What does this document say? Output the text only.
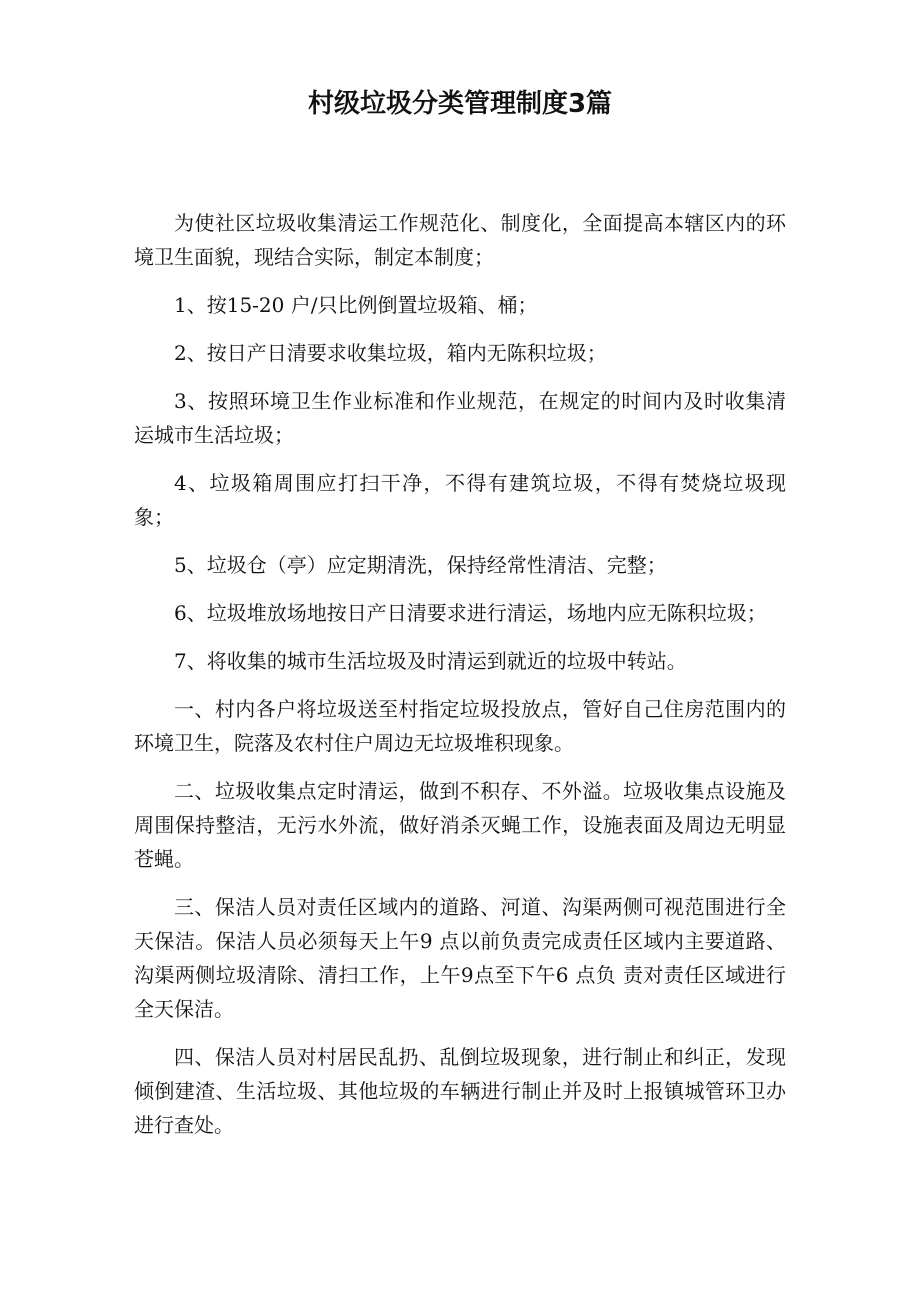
村级垃圾分类管理制度3篇

为使社区垃圾收集清运工作规范化、制度化，全面提高本辖区内的环境卫生面貌，现结合实际，制定本制度；

1、按15-20 户/只比例倒置垃圾箱、桶；

2、按日产日清要求收集垃圾，箱内无陈积垃圾；

3、按照环境卫生作业标准和作业规范，在规定的时间内及时收集清运城市生活垃圾；

4、垃圾箱周围应打扫干净，不得有建筑垃圾，不得有焚烧垃圾现象；

5、垃圾仓（亭）应定期清洗，保持经常性清洁、完整；

6、垃圾堆放场地按日产日清要求进行清运，场地内应无陈积垃圾；

7、将收集的城市生活垃圾及时清运到就近的垃圾中转站。

一、村内各户将垃圾送至村指定垃圾投放点，管好自己住房范围内的环境卫生，院落及农村住户周边无垃圾堆积现象。

二、垃圾收集点定时清运，做到不积存、不外溢。垃圾收集点设施及周围保持整洁，无污水外流，做好消杀灭蝇工作，设施表面及周边无明显苍蝇。

三、保洁人员对责任区域内的道路、河道、沟渠两侧可视范围进行全天保洁。保洁人员必须每天上午9 点以前负责完成责任区域内主要道路、沟渠两侧垃圾清除、清扫工作，上午9点至下午6 点负 责对责任区域进行全天保洁。

四、保洁人员对村居民乱扔、乱倒垃圾现象，进行制止和纠正，发现倾倒建渣、生活垃圾、其他垃圾的车辆进行制止并及时上报镇城管环卫办进行查处。
